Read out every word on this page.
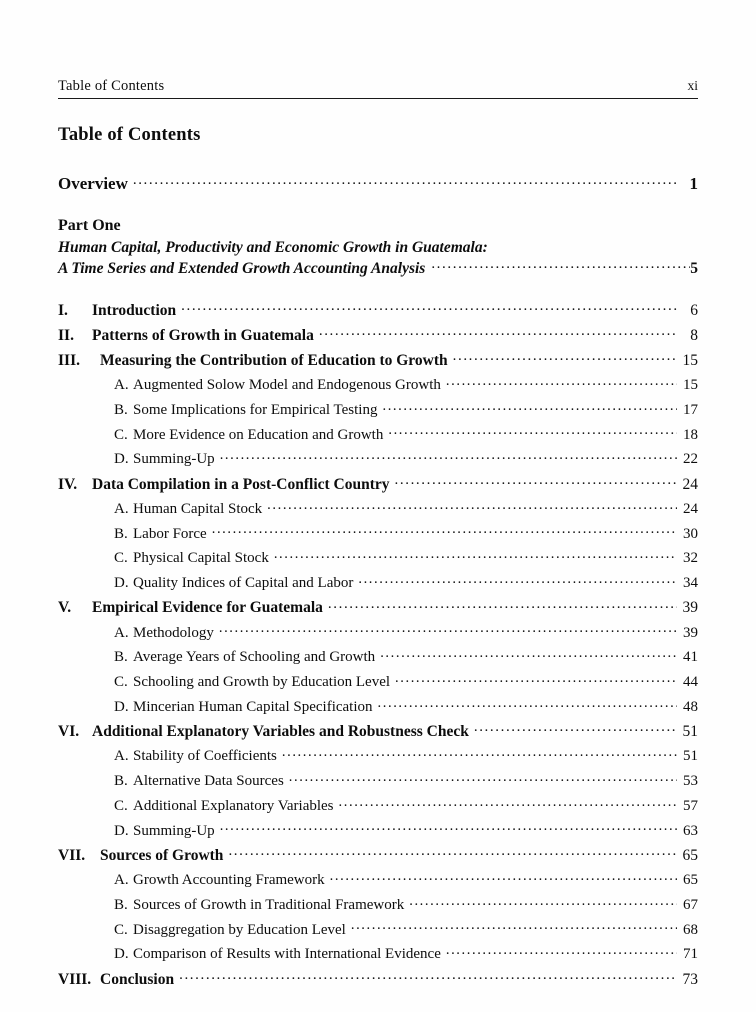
Table of Contents	xi
Table of Contents
Overview .....	1
Part One
Human Capital, Productivity and Economic Growth in Guatemala:
A Time Series and Extended Growth Accounting Analysis .....	5
I.	Introduction .....	6
II.	Patterns of Growth in Guatemala .....	8
III.	Measuring the Contribution of Education to Growth .....	15
A. Augmented Solow Model and Endogenous Growth .....	15
B. Some Implications for Empirical Testing .....	17
C. More Evidence on Education and Growth .....	18
D. Summing-Up .....	22
IV. Data Compilation in a Post-Conflict Country .....	24
A. Human Capital Stock .....	24
B. Labor Force .....	30
C. Physical Capital Stock .....	32
D. Quality Indices of Capital and Labor .....	34
V.	Empirical Evidence for Guatemala .....	39
A. Methodology .....	39
B. Average Years of Schooling and Growth .....	41
C. Schooling and Growth by Education Level .....	44
D. Mincerian Human Capital Specification .....	48
VI. Additional Explanatory Variables and Robustness Check .....	51
A. Stability of Coefficients .....	51
B. Alternative Data Sources .....	53
C. Additional Explanatory Variables .....	57
D. Summing-Up .....	63
VII. Sources of Growth .....	65
A. Growth Accounting Framework .....	65
B. Sources of Growth in Traditional Framework .....	67
C. Disaggregation by Education Level .....	68
D. Comparison of Results with International Evidence .....	71
VIII. Conclusion .....	73
